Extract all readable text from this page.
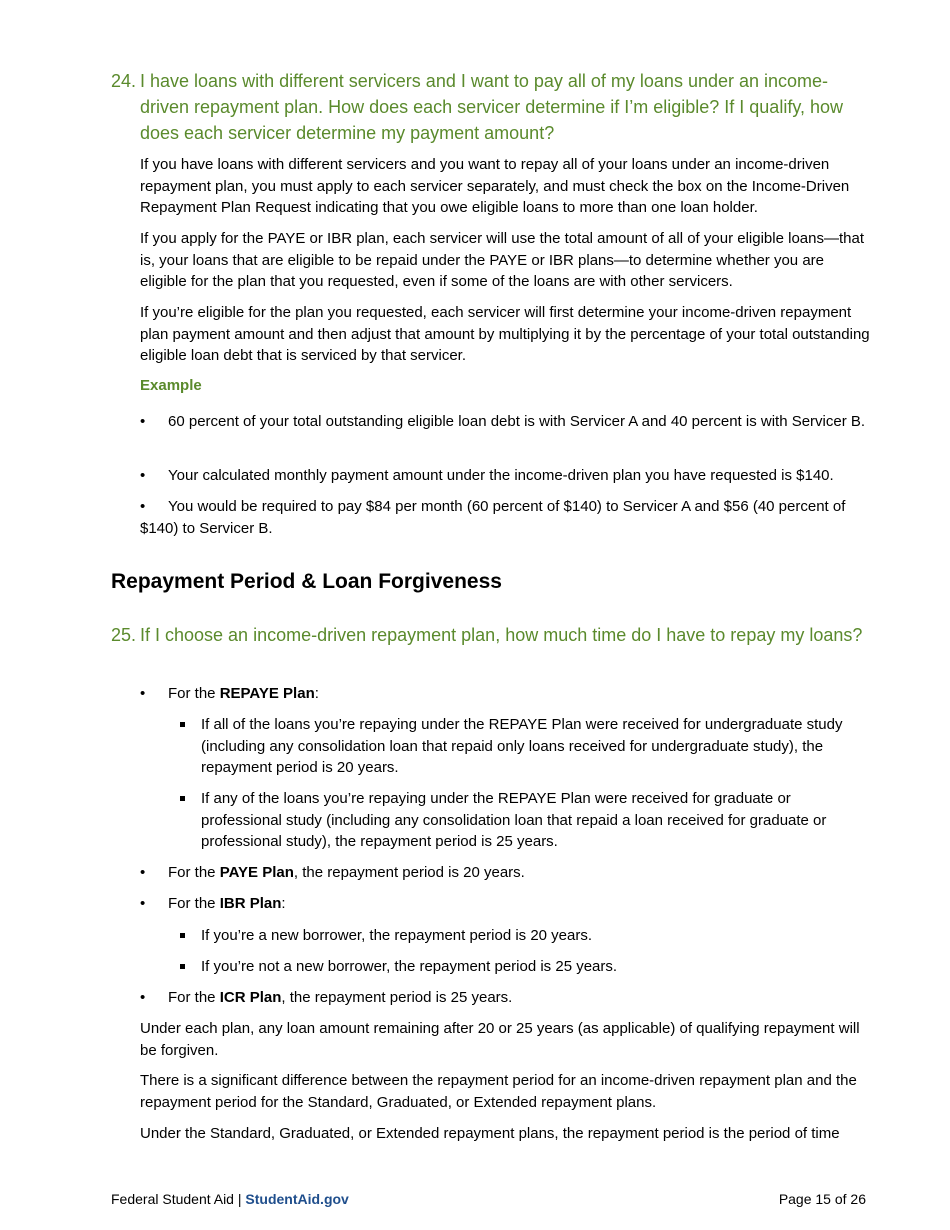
24. I have loans with different servicers and I want to pay all of my loans under an income-driven repayment plan. How does each servicer determine if I’m eligible? If I qualify, how does each servicer determine my payment amount?

If you have loans with different servicers and you want to repay all of your loans under an income-driven repayment plan, you must apply to each servicer separately, and must check the box on the Income-Driven Repayment Plan Request indicating that you owe eligible loans to more than one loan holder.

If you apply for the PAYE or IBR plan, each servicer will use the total amount of all of your eligible loans—that is, your loans that are eligible to be repaid under the PAYE or IBR plans—to determine whether you are eligible for the plan that you requested, even if some of the loans are with other servicers.

If you’re eligible for the plan you requested, each servicer will first determine your income-driven repayment plan payment amount and then adjust that amount by multiplying it by the percentage of your total outstanding eligible loan debt that is serviced by that servicer.

Example

• 60 percent of your total outstanding eligible loan debt is with Servicer A and 40 percent is with Servicer B.

• Your calculated monthly payment amount under the income-driven plan you have requested is $140.

• You would be required to pay $84 per month (60 percent of $140) to Servicer A and $56 (40 percent of $140) to Servicer B.

Repayment Period & Loan Forgiveness
25. If I choose an income-driven repayment plan, how much time do I have to repay my loans?

•	For the REPAYE Plan:

If all of the loans you’re repaying under the REPAYE Plan were received for undergraduate study (including any consolidation loan that repaid only loans received for undergraduate study), the repayment period is 20 years.

If any of the loans you’re repaying under the REPAYE Plan were received for graduate or professional study (including any consolidation loan that repaid a loan received for graduate or professional study), the repayment period is 25 years.

•	For the PAYE Plan, the repayment period is 20 years.

•	For the IBR Plan:

If you’re a new borrower, the repayment period is 20 years.

If you’re not a new borrower, the repayment period is 25 years.

•	For the ICR Plan, the repayment period is 25 years.

Under each plan, any loan amount remaining after 20 or 25 years (as applicable) of qualifying repayment will be forgiven.

There is a significant difference between the repayment period for an income-driven repayment plan and the repayment period for the Standard, Graduated, or Extended repayment plans.

Under the Standard, Graduated, or Extended repayment plans, the repayment period is the period of time

Federal Student Aid | StudentAid.gov	Page 15 of 26
